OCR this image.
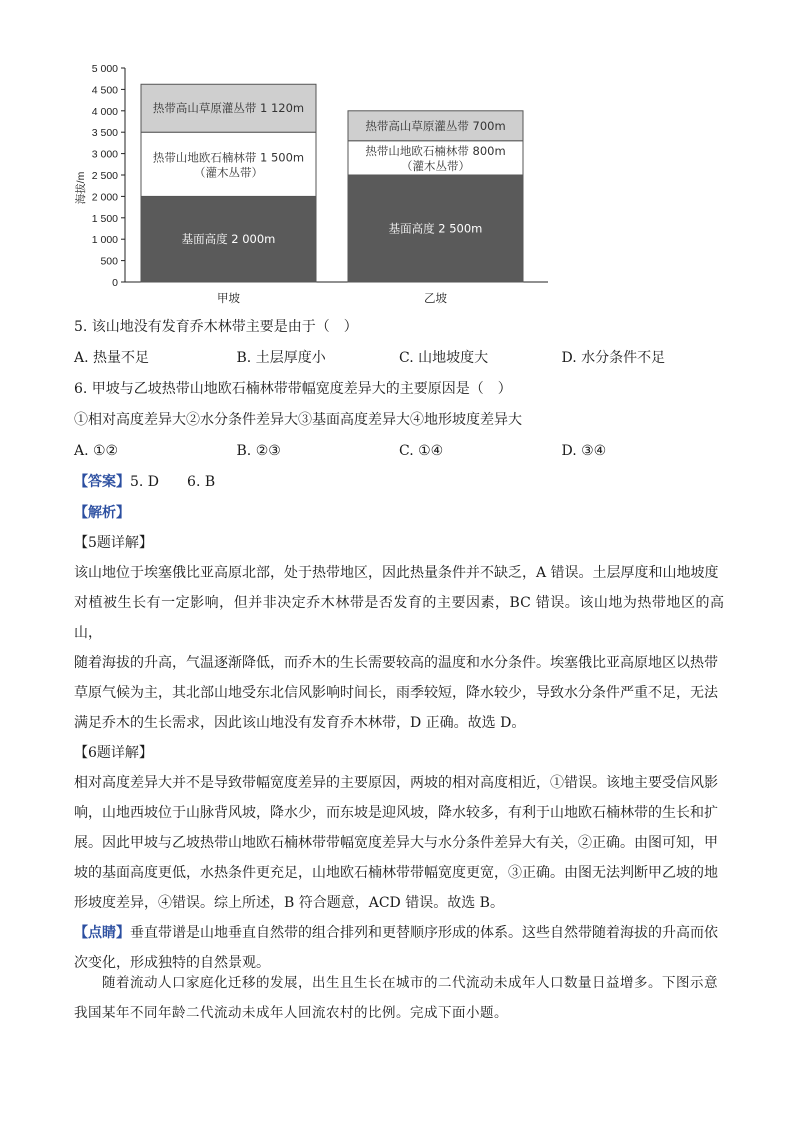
0
500
1 000
1 500
2 000
2 500
3 000
3 500
4 000
4 500
5 000
海拔/m
基面高度 2 000m
热带山地欧石楠林带 1 500m
（灌木丛带）
热带高山草原灌丛带 1 120m
甲坡
基面高度 2 500m
热带山地欧石楠林带 800m
（灌木丛带）
热带高山草原灌丛带 700m
乙坡

5. 该山地没有发育乔木林带主要是由于（　）

A. 热量不足	B. 土层厚度小	C. 山地坡度大	D. 水分条件不足

6. 甲坡与乙坡热带山地欧石楠林带带幅宽度差异大的主要原因是（　）

①相对高度差异大②水分条件差异大③基面高度差异大④地形坡度差异大

A. ①②	B. ②③	C. ①④	D. ③④
【答案】5. D　　6. B
【解析】
【5题详解】

该山地位于埃塞俄比亚高原北部，处于热带地区，因此热量条件并不缺乏，A 错误。土层厚度和山地坡度

对植被生长有一定影响，但并非决定乔木林带是否发育的主要因素，BC 错误。该山地为热带地区的高山，

随着海拔的升高，气温逐渐降低，而乔木的生长需要较高的温度和水分条件。埃塞俄比亚高原地区以热带

草原气候为主，其北部山地受东北信风影响时间长，雨季较短，降水较少，导致水分条件严重不足，无法

满足乔木的生长需求，因此该山地没有发育乔木林带，D 正确。故选 D。

【6题详解】

相对高度差异大并不是导致带幅宽度差异的主要原因，两坡的相对高度相近，①错误。该地主要受信风影

响，山地西坡位于山脉背风坡，降水少，而东坡是迎风坡，降水较多，有利于山地欧石楠林带的生长和扩

展。因此甲坡与乙坡热带山地欧石楠林带带幅宽度差异大与水分条件差异大有关，②正确。由图可知，甲

坡的基面高度更低，水热条件更充足，山地欧石楠林带带幅宽度更宽，③正确。由图无法判断甲乙坡的地

形坡度差异，④错误。综上所述，B 符合题意，ACD 错误。故选 B。

【点睛】垂直带谱是山地垂直自然带的组合排列和更替顺序形成的体系。这些自然带随着海拔的升高而依

次变化，形成独特的自然景观。

随着流动人口家庭化迁移的发展，出生且生长在城市的二代流动未成年人口数量日益增多。下图示意
我国某年不同年龄二代流动未成年人回流农村的比例。完成下面小题。
